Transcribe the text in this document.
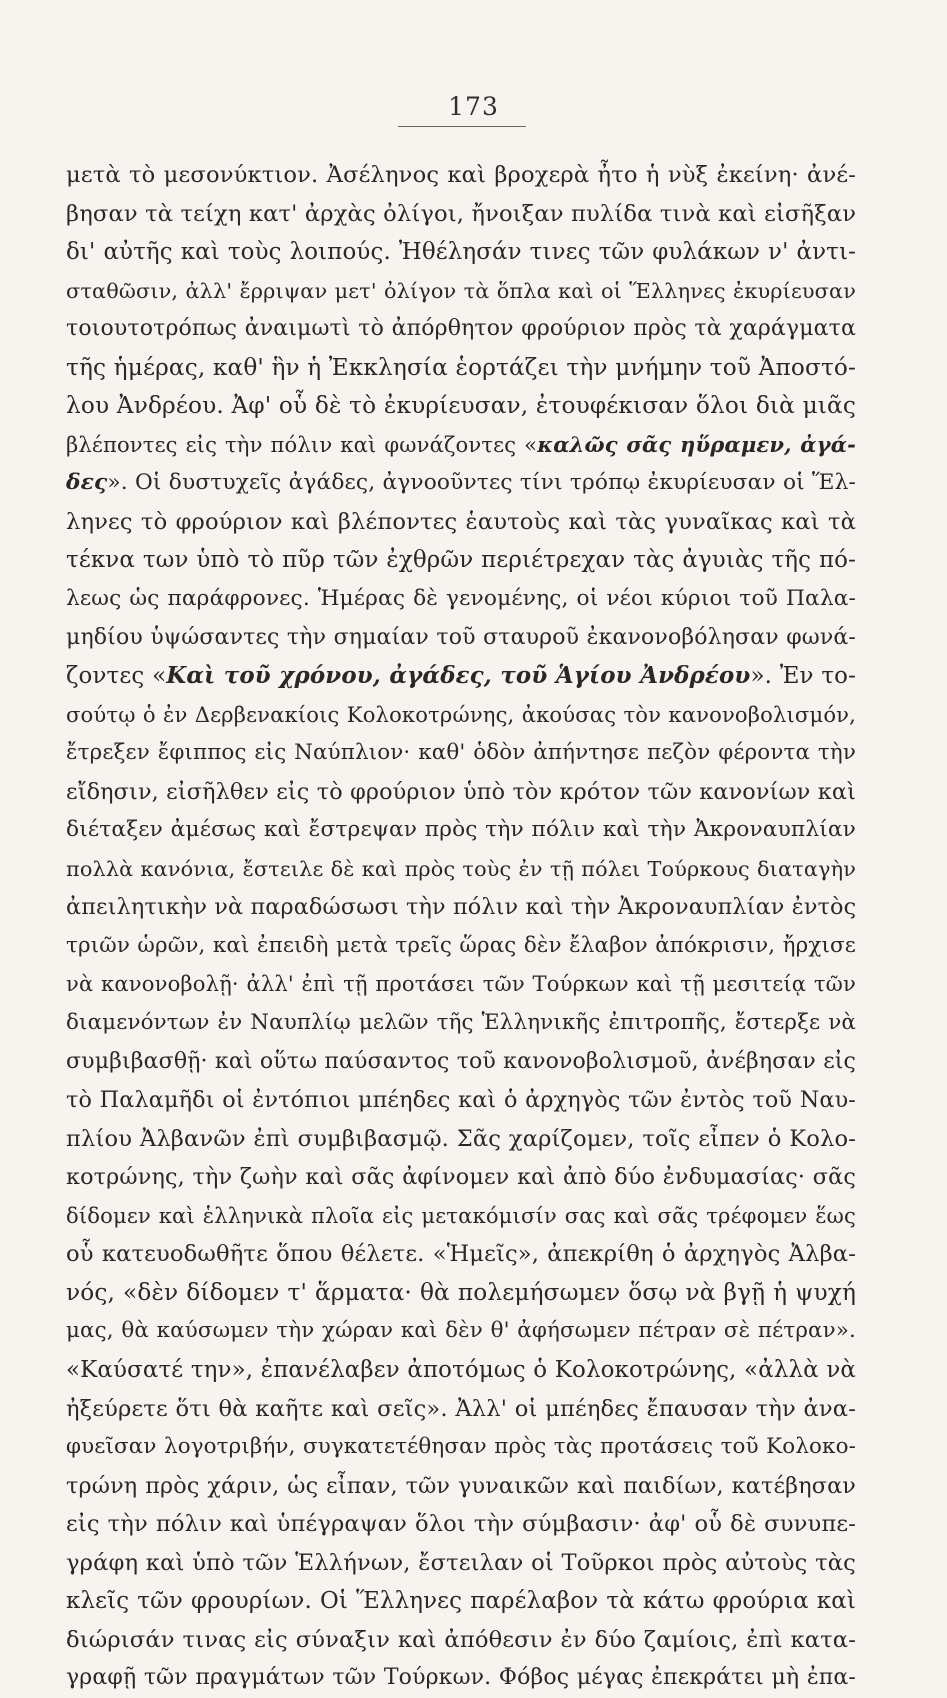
173
μετὰ τὸ μεσονύκτιον. Ἀσέληνος καὶ βροχερὰ ἦτο ἡ νὺξ ἐκείνη· ἀνέ-
βησαν τὰ τείχη κατ' ἀρχὰς ὀλίγοι, ἤνοιξαν πυλίδα τινὰ καὶ εἰσῆξαν
δι' αὐτῆς καὶ τοὺς λοιπούς. Ἠθέλησάν τινες τῶν φυλάκων ν' ἀντι-
σταθῶσιν, ἀλλ' ἔρριψαν μετ' ὀλίγον τὰ ὅπλα καὶ οἱ Ἕλληνες ἐκυρίευσαν
τοιουτοτρόπως ἀναιμωτὶ τὸ ἀπόρθητον φρούριον πρὸς τὰ χαράγματα
τῆς ἡμέρας, καθ' ἣν ἡ Ἐκκλησία ἑορτάζει τὴν μνήμην τοῦ Ἀποστό-
λου Ἀνδρέου. Ἀφ' οὗ δὲ τὸ ἐκυρίευσαν, ἐτουφέκισαν ὅλοι διὰ μιᾶς
βλέποντες εἰς τὴν πόλιν καὶ φωνάζοντες «καλῶς σᾶς ηὕραμεν, ἀγά-
δες». Οἱ δυστυχεῖς ἀγάδες, ἀγνοοῦντες τίνι τρόπῳ ἐκυρίευσαν οἱ Ἕλ-
ληνες τὸ φρούριον καὶ βλέποντες ἑαυτοὺς καὶ τὰς γυναῖκας καὶ τὰ
τέκνα των ὑπὸ τὸ πῦρ τῶν ἐχθρῶν περιέτρεχαν τὰς ἀγυιὰς τῆς πό-
λεως ὡς παράφρονες. Ἡμέρας δὲ γενομένης, οἱ νέοι κύριοι τοῦ Παλα-
μηδίου ὑψώσαντες τὴν σημαίαν τοῦ σταυροῦ ἐκανονοβόλησαν φωνά-
ζοντες «Καὶ τοῦ χρόνου, ἀγάδες, τοῦ Ἁγίου Ἀνδρέου». Ἐν το-
σούτῳ ὁ ἐν Δερβενακίοις Κολοκοτρώνης, ἀκούσας τὸν κανονοβολισμόν,
ἔτρεξεν ἔφιππος εἰς Ναύπλιον· καθ' ὁδὸν ἀπήντησε πεζὸν φέροντα τὴν
εἴδησιν, εἰσῆλθεν εἰς τὸ φρούριον ὑπὸ τὸν κρότον τῶν κανονίων καὶ
διέταξεν ἀμέσως καὶ ἔστρεψαν πρὸς τὴν πόλιν καὶ τὴν Ἀκροναυπλίαν
πολλὰ κανόνια, ἔστειλε δὲ καὶ πρὸς τοὺς ἐν τῇ πόλει Τούρκους διαταγὴν
ἀπειλητικὴν νὰ παραδώσωσι τὴν πόλιν καὶ τὴν Ἀκροναυπλίαν ἐντὸς
τριῶν ὡρῶν, καὶ ἐπειδὴ μετὰ τρεῖς ὥρας δὲν ἔλαβον ἀπόκρισιν, ἤρχισε
νὰ κανονοβολῇ· ἀλλ' ἐπὶ τῇ προτάσει τῶν Τούρκων καὶ τῇ μεσιτείᾳ τῶν
διαμενόντων ἐν Ναυπλίῳ μελῶν τῆς Ἑλληνικῆς ἐπιτροπῆς, ἔστερξε νὰ
συμβιβασθῇ· καὶ οὕτω παύσαντος τοῦ κανονοβολισμοῦ, ἀνέβησαν εἰς
τὸ Παλαμῆδι οἱ ἐντόπιοι μπέηδες καὶ ὁ ἀρχηγὸς τῶν ἐντὸς τοῦ Ναυ-
πλίου Ἀλβανῶν ἐπὶ συμβιβασμῷ. Σᾶς χαρίζομεν, τοῖς εἶπεν ὁ Κολο-
κοτρώνης, τὴν ζωὴν καὶ σᾶς ἀφίνομεν καὶ ἀπὸ δύο ἐνδυμασίας· σᾶς
δίδομεν καὶ ἑλληνικὰ πλοῖα εἰς μετακόμισίν σας καὶ σᾶς τρέφομεν ἕως
οὗ κατευοδωθῆτε ὅπου θέλετε. «Ἡμεῖς», ἀπεκρίθη ὁ ἀρχηγὸς Ἀλβα-
νός, «δὲν δίδομεν τ' ἅρματα· θὰ πολεμήσωμεν ὅσῳ νὰ βγῇ ἡ ψυχή
μας, θὰ καύσωμεν τὴν χώραν καὶ δὲν θ' ἀφήσωμεν πέτραν σὲ πέτραν».
«Καύσατέ την», ἐπανέλαβεν ἀποτόμως ὁ Κολοκοτρώνης, «ἀλλὰ νὰ
ἠξεύρετε ὅτι θὰ καῆτε καὶ σεῖς». Ἀλλ' οἱ μπέηδες ἔπαυσαν τὴν ἀνα-
φυεῖσαν λογοτριβήν, συγκατετέθησαν πρὸς τὰς προτάσεις τοῦ Κολοκο-
τρώνη πρὸς χάριν, ὡς εἶπαν, τῶν γυναικῶν καὶ παιδίων, κατέβησαν
εἰς τὴν πόλιν καὶ ὑπέγραψαν ὅλοι τὴν σύμβασιν· ἀφ' οὗ δὲ συνυπε-
γράφη καὶ ὑπὸ τῶν Ἑλλήνων, ἔστειλαν οἱ Τοῦρκοι πρὸς αὐτοὺς τὰς
κλεῖς τῶν φρουρίων. Οἱ Ἕλληνες παρέλαβον τὰ κάτω φρούρια καὶ
διώρισάν τινας εἰς σύναξιν καὶ ἀπόθεσιν ἐν δύο ζαμίοις, ἐπὶ κατα-
γραφῇ τῶν πραγμάτων τῶν Τούρκων. Φόβος μέγας ἐπεκράτει μὴ ἐπα-
